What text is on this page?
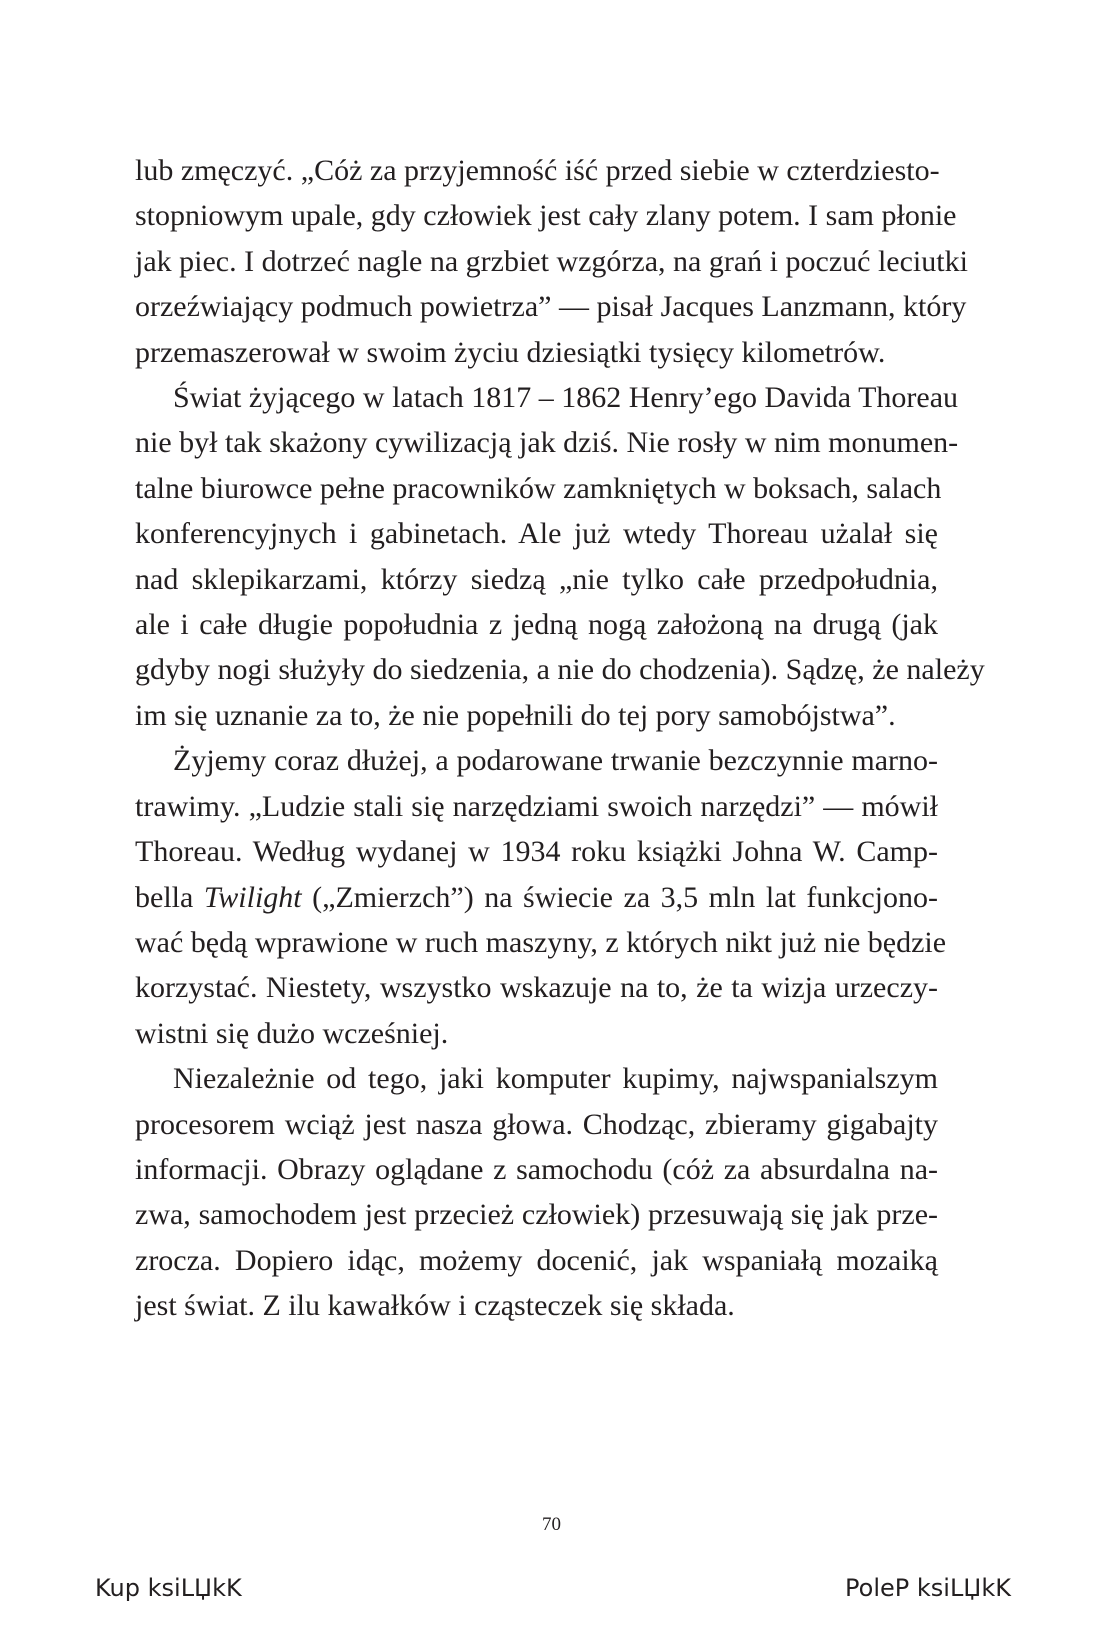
lub zmęczyć. „Cóż za przyjemność iść przed siebie w czterdziesto-
stopniowym upale, gdy człowiek jest cały zlany potem. I sam płonie
jak piec. I dotrzeć nagle na grzbiet wzgórza, na grań i poczuć leciutki
orzeźwiający podmuch powietrza” — pisał Jacques Lanzmann, który
przemaszerował w swoim życiu dziesiątki tysięcy kilometrów.
Świat żyjącego w latach 1817 – 1862 Henry’ego Davida Thoreau
nie był tak skażony cywilizacją jak dziś. Nie rosły w nim monumen-
talne biurowce pełne pracowników zamkniętych w boksach, salach
konferencyjnych i gabinetach. Ale już wtedy Thoreau użalał się
nad sklepikarzami, którzy siedzą „nie tylko całe przedpołudnia,
ale i całe długie popołudnia z jedną nogą założoną na drugą (jak
gdyby nogi służyły do siedzenia, a nie do chodzenia). Sądzę, że należy
im się uznanie za to, że nie popełnili do tej pory samobójstwa”.
Żyjemy coraz dłużej, a podarowane trwanie bezczynnie marno-
trawimy. „Ludzie stali się narzędziami swoich narzędzi” — mówił
Thoreau. Według wydanej w 1934 roku książki Johna W. Camp-
bella Twilight („Zmierzch”) na świecie za 3,5 mln lat funkcjono-
wać będą wprawione w ruch maszyny, z których nikt już nie będzie
korzystać. Niestety, wszystko wskazuje na to, że ta wizja urzeczy-
wistni się dużo wcześniej.
Niezależnie od tego, jaki komputer kupimy, najwspanialszym
procesorem wciąż jest nasza głowa. Chodząc, zbieramy gigabajty
informacji. Obrazy oglądane z samochodu (cóż za absurdalna na-
zwa, samochodem jest przecież człowiek) przesuwają się jak prze-
zrocza. Dopiero idąc, możemy docenić, jak wspaniałą mozaiką
jest świat. Z ilu kawałków i cząsteczek się składa.
70
Kup ksiLЏkK	PoleP ksiLЏkK
